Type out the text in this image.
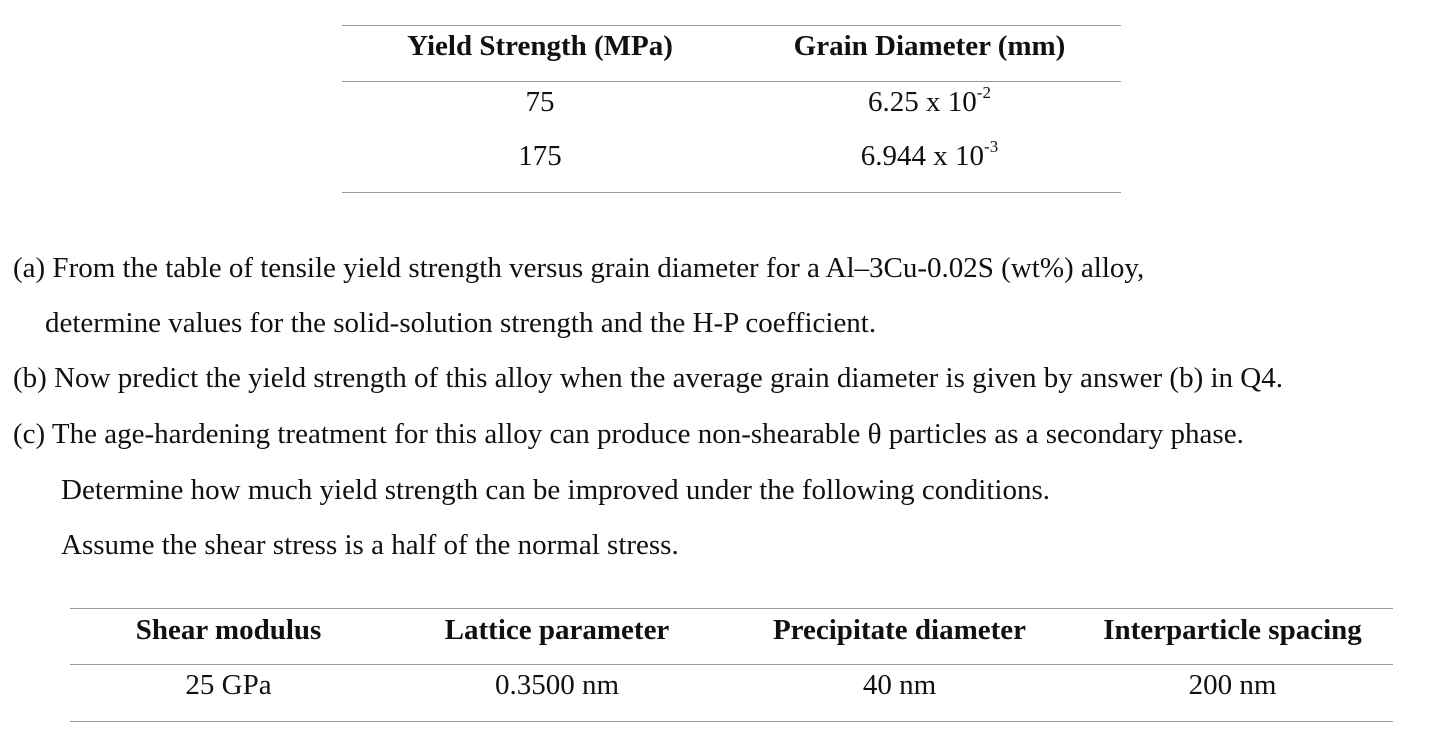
Yield Strength (MPa)	Grain Diameter (mm)
75	6.25 x $10^{-2}$
175	6.944 x $10^{-3}$
(a) From the table of tensile yield strength versus grain diameter for a Al–3Cu-0.02S (wt%) alloy,
determine values for the solid-solution strength and the H-P coefficient.
(b) Now predict the yield strength of this alloy when the average grain diameter is given by answer (b) in Q4.
(c) The age-hardening treatment for this alloy can produce non-shearable θ particles as a secondary phase.
Determine how much yield strength can be improved under the following conditions.
Assume the shear stress is a half of the normal stress.
Shear modulus	Lattice parameter	Precipitate diameter	Interparticle spacing
25 GPa	0.3500 nm	40 nm	200 nm
